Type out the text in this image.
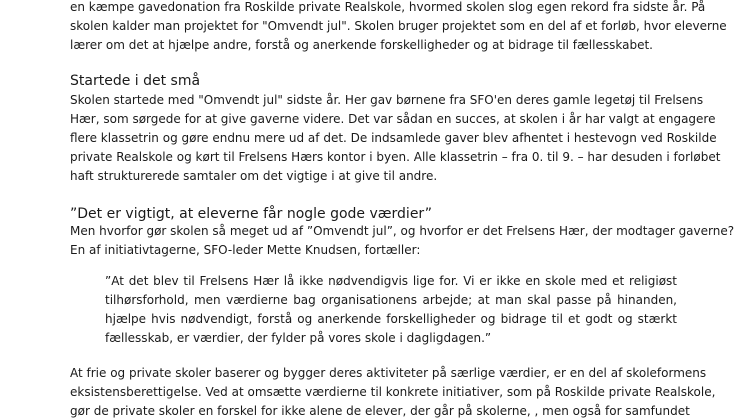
en kæmpe gavedonation fra Roskilde private Realskole, hvormed skolen slog egen rekord fra sidste år. På
skolen kalder man projektet for "Omvendt jul". Skolen bruger projektet som en del af et forløb, hvor eleverne
lærer om det at hjælpe andre, forstå og anerkende forskelligheder og at bidrage til fællesskabet.
Startede i det små
Skolen startede med "Omvendt jul" sidste år. Her gav børnene fra SFO'en deres gamle legetøj til Frelsens
Hær, som sørgede for at give gaverne videre. Det var sådan en succes, at skolen i år har valgt at engagere
flere klassetrin og gøre endnu mere ud af det. De indsamlede gaver blev afhentet i hestevogn ved Roskilde
private Realskole og kørt til Frelsens Hærs kontor i byen. Alle klassetrin – fra 0. til 9. – har desuden i forløbet
haft strukturerede samtaler om det vigtige i at give til andre.
”Det er vigtigt, at eleverne får nogle gode værdier”
Men hvorfor gør skolen så meget ud af ”Omvendt jul”, og hvorfor er det Frelsens Hær, der modtager gaverne?
En af initiativtagerne, SFO-leder Mette Knudsen, fortæller:
”At det blev til Frelsens Hær lå ikke nødvendigvis lige for. Vi er ikke en skole med et religiøst
tilhørsforhold, men værdierne bag organisationens arbejde; at man skal passe på hinanden,
hjælpe hvis nødvendigt, forstå og anerkende forskelligheder og bidrage til et godt og stærkt
fællesskab, er værdier, der fylder på vores skole i dagligdagen.”
At frie og private skoler baserer og bygger deres aktiviteter på særlige værdier, er en del af skoleformens
eksistensberettigelse. Ved at omsætte værdierne til konkrete initiativer, som på Roskilde private Realskole,
gør de private skoler en forskel for ikke alene de elever, der går på skolerne, , men også for samfundet
